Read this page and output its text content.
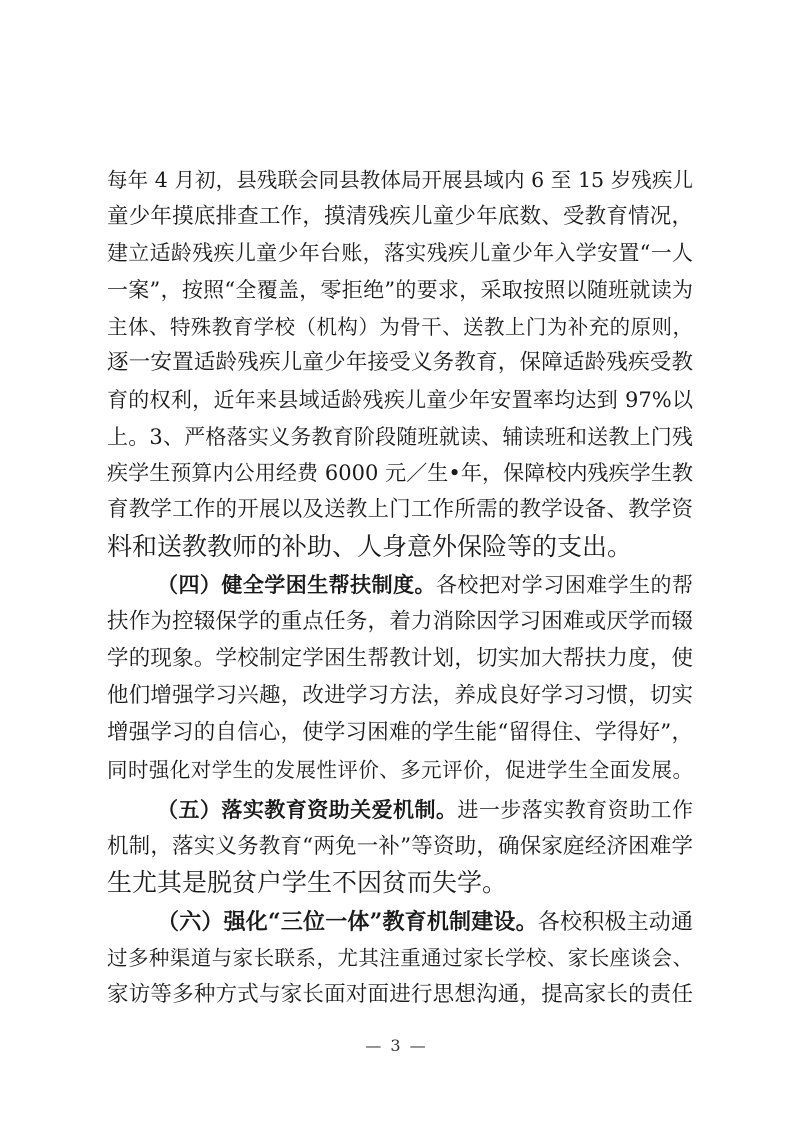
每年 4 月初，县残联会同县教体局开展县域内 6 至 15 岁残疾儿
童少年摸底排查工作，摸清残疾儿童少年底数、受教育情况，
建立适龄残疾儿童少年台账，落实残疾儿童少年入学安置“一人
一案”，按照“全覆盖，零拒绝”的要求，采取按照以随班就读为
主体、特殊教育学校（机构）为骨干、送教上门为补充的原则，
逐一安置适龄残疾儿童少年接受义务教育，保障适龄残疾受教
育的权利，近年来县域适龄残疾儿童少年安置率均达到 97%以
上。3、严格落实义务教育阶段随班就读、辅读班和送教上门残
疾学生预算内公用经费 6000 元／生•年，保障校内残疾学生教
育教学工作的开展以及送教上门工作所需的教学设备、教学资
料和送教教师的补助、人身意外保险等的支出。
（四）健全学困生帮扶制度。各校把对学习困难学生的帮
扶作为控辍保学的重点任务，着力消除因学习困难或厌学而辍
学的现象。学校制定学困生帮教计划，切实加大帮扶力度，使
他们增强学习兴趣，改进学习方法，养成良好学习习惯，切实
增强学习的自信心，使学习困难的学生能“留得住、学得好”，
同时强化对学生的发展性评价、多元评价，促进学生全面发展。
（五）落实教育资助关爱机制。进一步落实教育资助工作
机制，落实义务教育“两免一补”等资助，确保家庭经济困难学
生尤其是脱贫户学生不因贫而失学。
（六）强化“三位一体”教育机制建设。各校积极主动通
过多种渠道与家长联系，尤其注重通过家长学校、家长座谈会、
家访等多种方式与家长面对面进行思想沟通，提高家长的责任
— 3 —
